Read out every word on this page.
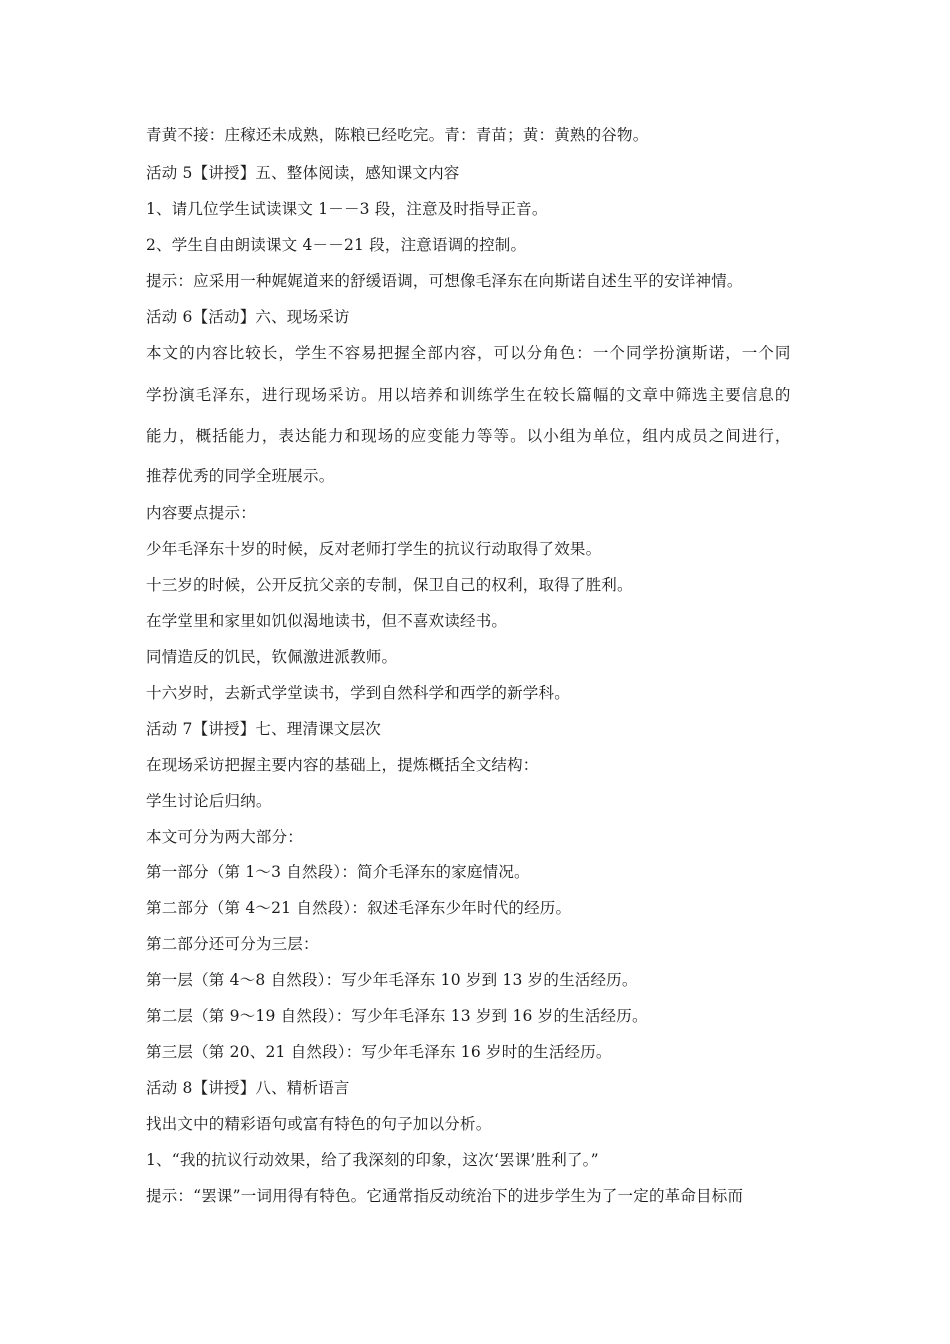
青黄不接：庄稼还未成熟，陈粮已经吃完。青：青苗；黄：黄熟的谷物。
活动 5【讲授】五、整体阅读，感知课文内容
1、请几位学生试读课文 1－－3 段，注意及时指导正音。
2、学生自由朗读课文 4－－21 段，注意语调的控制。
提示：应采用一种娓娓道来的舒缓语调，可想像毛泽东在向斯诺自述生平的安详神情。
活动 6【活动】六、现场采访
本文的内容比较长，学生不容易把握全部内容，可以分角色：一个同学扮演斯诺，一个同
学扮演毛泽东，进行现场采访。用以培养和训练学生在较长篇幅的文章中筛选主要信息的
能力，概括能力，表达能力和现场的应变能力等等。以小组为单位，组内成员之间进行，
推荐优秀的同学全班展示。
内容要点提示：
少年毛泽东十岁的时候，反对老师打学生的抗议行动取得了效果。
十三岁的时候，公开反抗父亲的专制，保卫自己的权利，取得了胜利。
在学堂里和家里如饥似渴地读书，但不喜欢读经书。
同情造反的饥民，钦佩激进派教师。
十六岁时，去新式学堂读书，学到自然科学和西学的新学科。
活动 7【讲授】七、理清课文层次
在现场采访把握主要内容的基础上，提炼概括全文结构：
学生讨论后归纳。
本文可分为两大部分：
第一部分（第 1～3 自然段）：简介毛泽东的家庭情况。
第二部分（第 4～21 自然段）：叙述毛泽东少年时代的经历。
第二部分还可分为三层：
第一层（第 4～8 自然段）：写少年毛泽东 10 岁到 13 岁的生活经历。
第二层（第 9～19 自然段）：写少年毛泽东 13 岁到 16 岁的生活经历。
第三层（第 20、21 自然段）：写少年毛泽东 16 岁时的生活经历。
活动 8【讲授】八、精析语言
找出文中的精彩语句或富有特色的句子加以分析。
1、“我的抗议行动效果，给了我深刻的印象，这次‘罢课’胜利了。”
提示：“罢课”一词用得有特色。它通常指反动统治下的进步学生为了一定的革命目标而
